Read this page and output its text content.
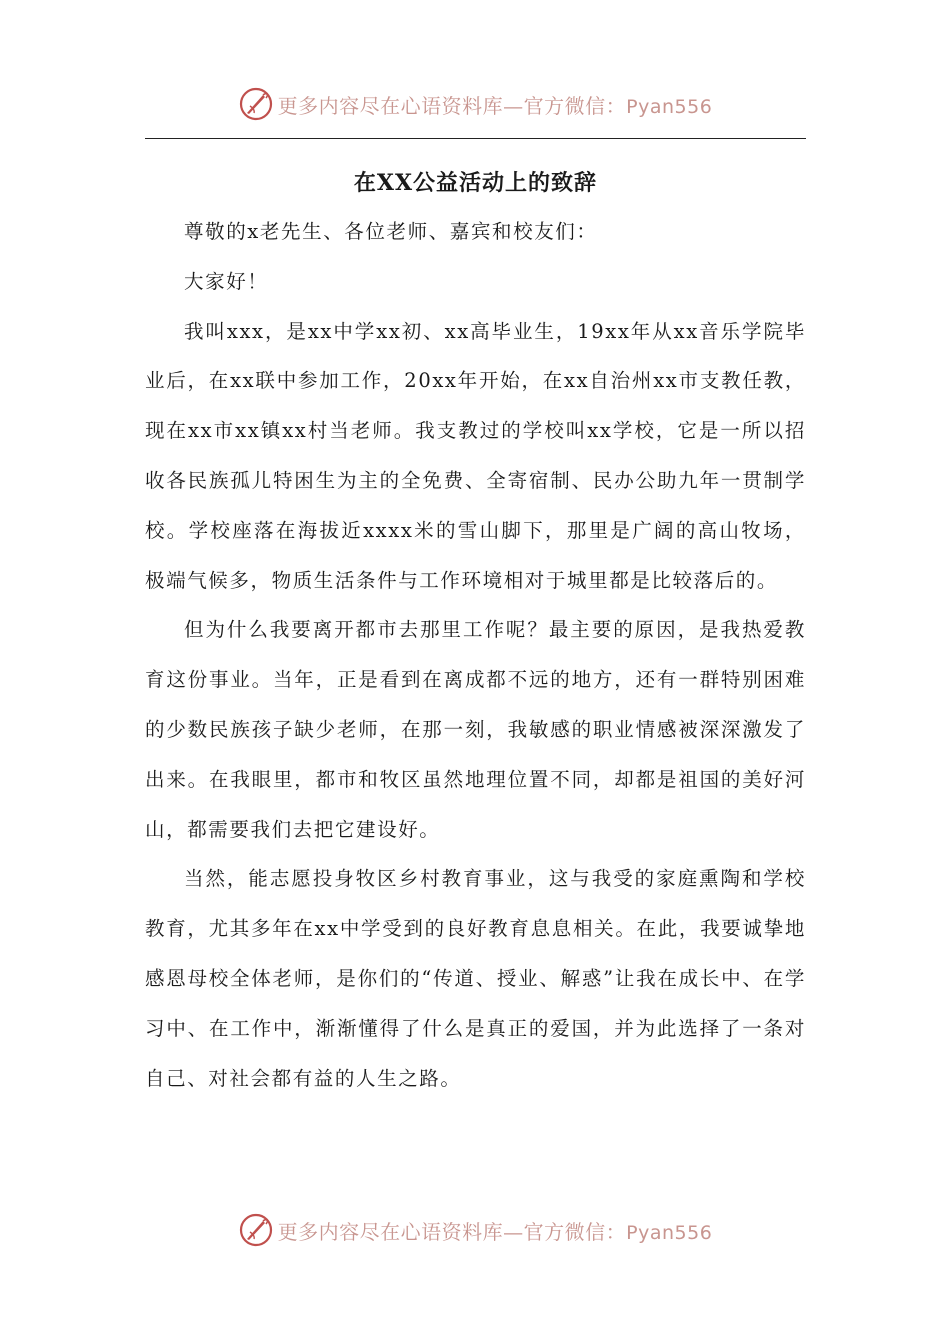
更多内容尽在心语资料库—官方微信：Pyan556
在XX公益活动上的致辞

尊敬的x老先生、各位老师、嘉宾和校友们：

大家好！

我叫xxx，是xx中学xx初、xx高毕业生，19xx年从xx音乐学院毕业后，在xx联中参加工作，20xx年开始，在xx自治州xx市支教任教，现在xx市xx镇xx村当老师。我支教过的学校叫xx学校，它是一所以招收各民族孤儿特困生为主的全免费、全寄宿制、民办公助九年一贯制学校。学校座落在海拔近xxxx米的雪山脚下，那里是广阔的高山牧场，极端气候多，物质生活条件与工作环境相对于城里都是比较落后的。

但为什么我要离开都市去那里工作呢？最主要的原因，是我热爱教育这份事业。当年，正是看到在离成都不远的地方，还有一群特别困难的少数民族孩子缺少老师，在那一刻，我敏感的职业情感被深深激发了出来。在我眼里，都市和牧区虽然地理位置不同，却都是祖国的美好河山，都需要我们去把它建设好。

当然，能志愿投身牧区乡村教育事业，这与我受的家庭熏陶和学校教育，尤其多年在xx中学受到的良好教育息息相关。在此，我要诚挚地感恩母校全体老师，是你们的“传道、授业、解惑”让我在成长中、在学习中、在工作中，渐渐懂得了什么是真正的爱国，并为此选择了一条对自己、对社会都有益的人生之路。

更多内容尽在心语资料库—官方微信：Pyan556
